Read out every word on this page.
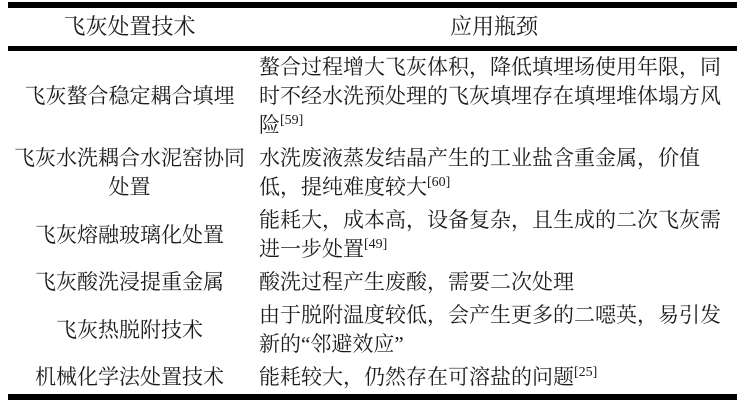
飞灰处置技术	应用瓶颈
飞灰螯合稳定耦合填埋	螯合过程增大飞灰体积，降低填埋场使用年限，同时不经水洗预处理的飞灰填埋存在填埋堆体塌方风险[59]
飞灰水洗耦合水泥窑协同处置	水洗废液蒸发结晶产生的工业盐含重金属，价值低，提纯难度较大[60]
飞灰熔融玻璃化处置	能耗大，成本高，设备复杂，且生成的二次飞灰需进一步处置[49]
飞灰酸洗浸提重金属	酸洗过程产生废酸，需要二次处理
飞灰热脱附技术	由于脱附温度较低，会产生更多的二噁英，易引发新的“邻避效应”
机械化学法处置技术	能耗较大，仍然存在可溶盐的问题[25]
